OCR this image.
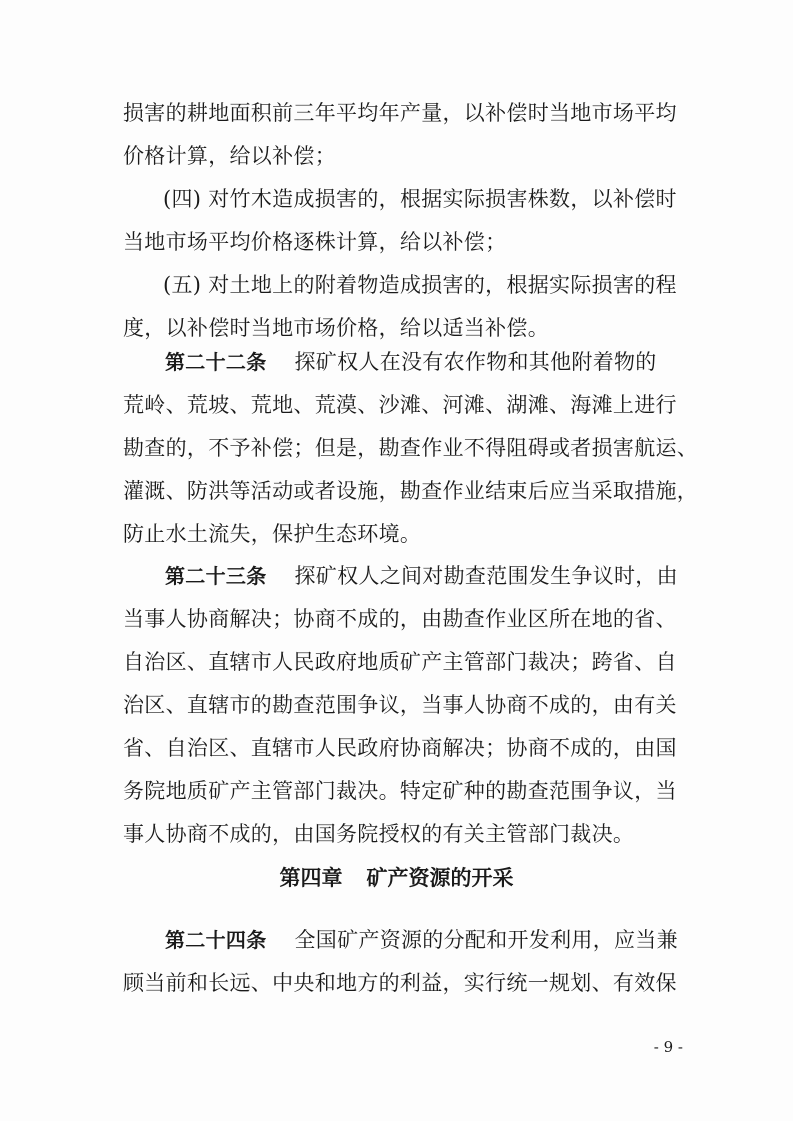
损害的耕地面积前三年平均年产量，以补偿时当地市场平均
价格计算，给以补偿；
(四) 对竹木造成损害的，根据实际损害株数，以补偿时
当地市场平均价格逐株计算，给以补偿；
(五) 对土地上的附着物造成损害的，根据实际损害的程
度，以补偿时当地市场价格，给以适当补偿。
第二十二条 探矿权人在没有农作物和其他附着物的
荒岭、荒坡、荒地、荒漠、沙滩、河滩、湖滩、海滩上进行
勘查的，不予补偿；但是，勘查作业不得阻碍或者损害航运、
灌溉、防洪等活动或者设施，勘查作业结束后应当采取措施，
防止水土流失，保护生态环境。
第二十三条 探矿权人之间对勘查范围发生争议时，由
当事人协商解决；协商不成的，由勘查作业区所在地的省、
自治区、直辖市人民政府地质矿产主管部门裁决；跨省、自
治区、直辖市的勘查范围争议，当事人协商不成的，由有关
省、自治区、直辖市人民政府协商解决；协商不成的，由国
务院地质矿产主管部门裁决。特定矿种的勘查范围争议，当
事人协商不成的，由国务院授权的有关主管部门裁决。
第四章 矿产资源的开采
第二十四条 全国矿产资源的分配和开发利用，应当兼
顾当前和长远、中央和地方的利益，实行统一规划、有效保
- 9 -
